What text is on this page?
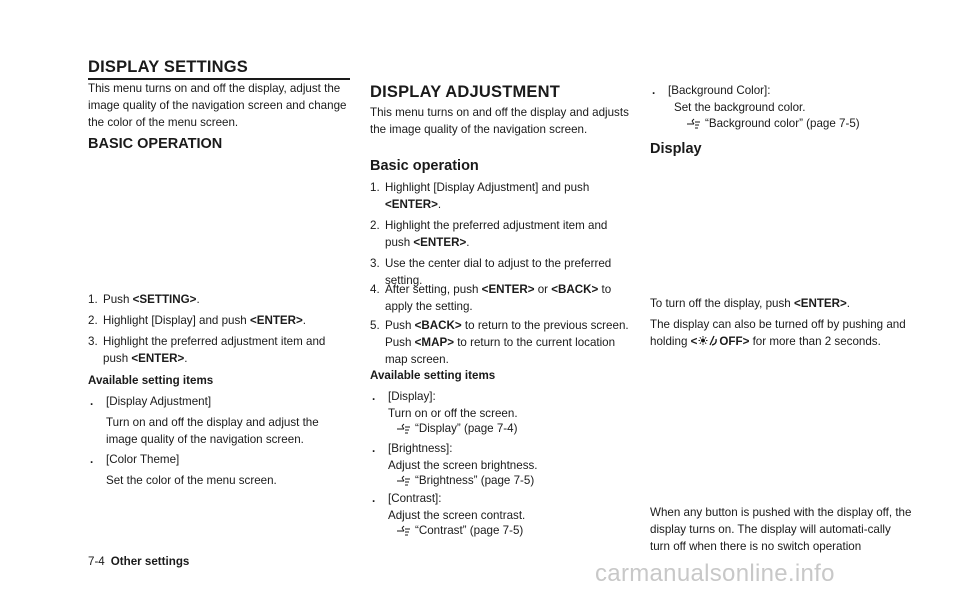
DISPLAY SETTINGS

This menu turns on and off the display, adjust the image quality of the navigation screen and change the color of the menu screen.

BASIC OPERATION
1. Push <SETTING>.
2. Highlight [Display] and push <ENTER>.
3. Highlight the preferred adjustment item and push <ENTER>.
Available setting items
.	[Display Adjustment]

Turn on and off the display and adjust the image quality of the navigation screen.

.	[Color Theme]

Set the color of the menu screen.

DISPLAY ADJUSTMENT

This menu turns on and off the display and adjusts the image quality of the navigation screen.

Basic operation
1. Highlight [Display Adjustment] and push <ENTER>.
2. Highlight the preferred adjustment item and push <ENTER>.
3. Use the center dial to adjust to the preferred setting.
4. After setting, push <ENTER> or <BACK> to apply the setting.
5. Push <BACK> to return to the previous screen. Push <MAP> to return to the current location map screen.
Available setting items
.	[Display]:
Turn on or off the screen.
“Display” (page 7-4)
.	[Brightness]:
Adjust the screen brightness.
“Brightness” (page 7-5)
.	[Contrast]:
Adjust the screen contrast.
“Contrast” (page 7-5)
.	[Background Color]:
Set the background color.
“Background color” (page 7-5)
Display

To turn off the display, push <ENTER>.

The display can also be turned off by pushing and holding < OFF> for more than 2 seconds.

When any button is pushed with the display off, the display turns on. The display will automati-cally turn off when there is no switch operation

7-4 Other settings	carmanualsonline.info
